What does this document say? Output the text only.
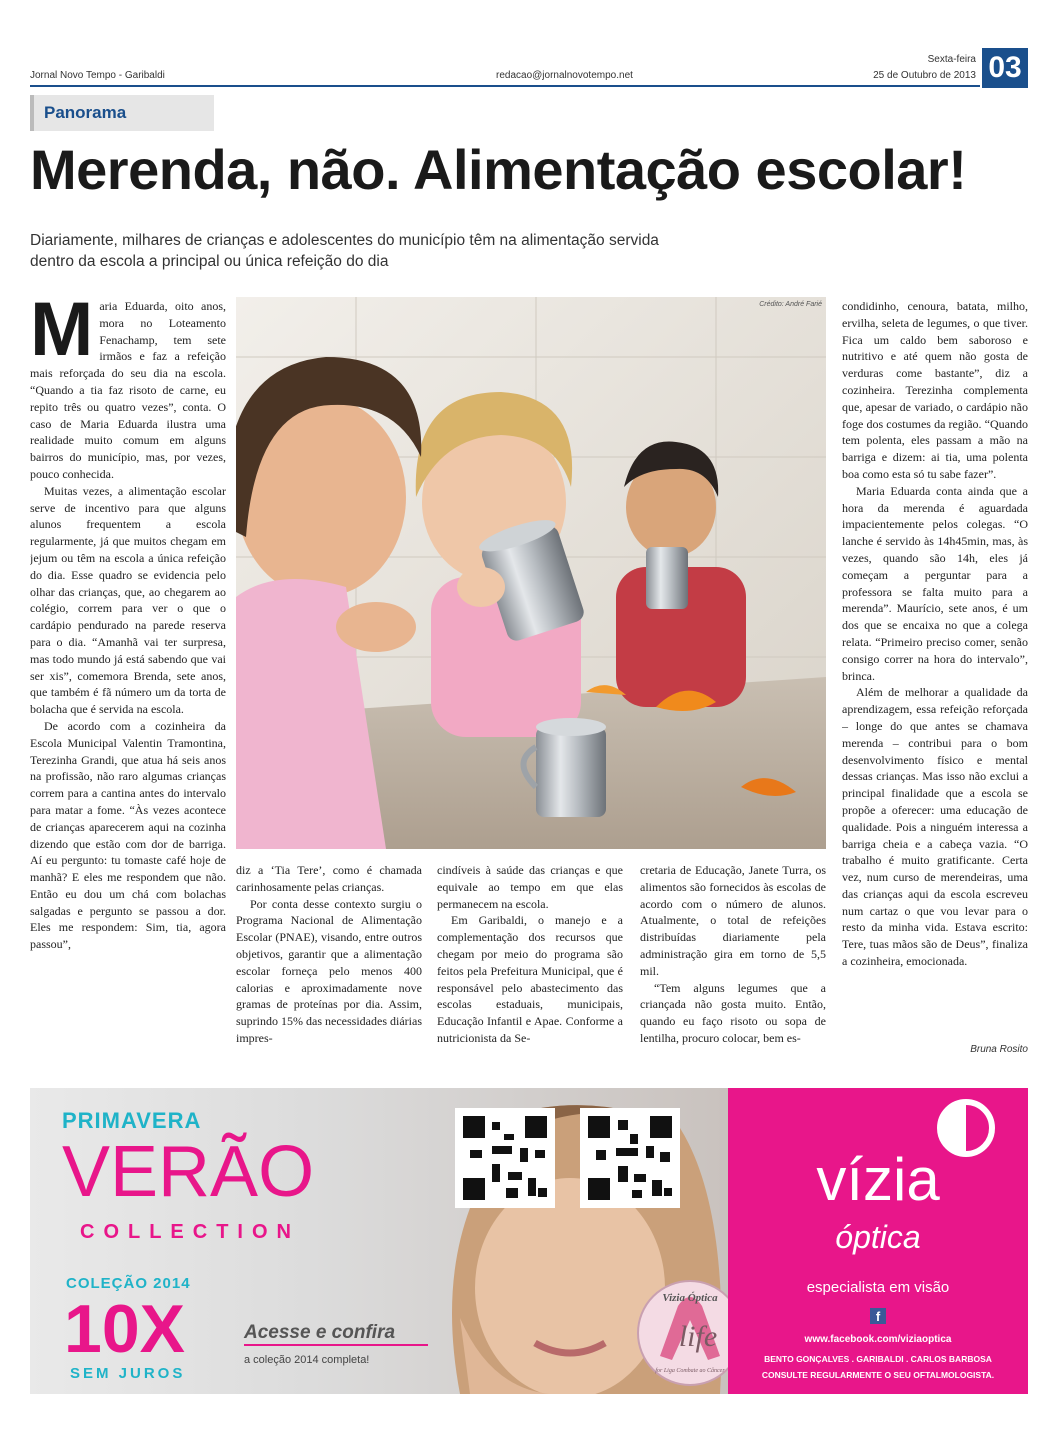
Jornal Novo Tempo - Garibaldi	redacao@jornalnovotempo.net
Sexta-feira
25 de Outubro de 2013 03
Panorama
Merenda, não. Alimentação escolar!
Diariamente, milhares de crianças e adolescentes do município têm na alimentação servida dentro da escola a principal ou única refeição do dia
Crédito: André Farié

Maria Eduarda, oito anos, mora no Loteamento Fenachamp, tem sete irmãos e faz a refeição mais reforçada do seu dia na escola. “Quando a tia faz risoto de carne, eu repito três ou quatro vezes”, conta. O caso de Maria Eduarda ilustra uma realidade muito comum em alguns bairros do município, mas, por vezes, pouco conhecida.

Muitas vezes, a alimentação escolar serve de incentivo para que alguns alunos frequentem a escola regularmente, já que muitos chegam em jejum ou têm na escola a única refeição do dia. Esse quadro se evidencia pelo olhar das crianças, que, ao chegarem ao colégio, correm para ver o que o cardápio pendurado na parede reserva para o dia. “Amanhã vai ter surpresa, mas todo mundo já está sabendo que vai ser xis”, comemora Brenda, sete anos, que também é fã número um da torta de bolacha que é servida na escola.

De acordo com a cozinheira da Escola Municipal Valentin Tramontina, Terezinha Grandi, que atua há seis anos na profissão, não raro algumas crianças correm para a cantina antes do intervalo para matar a fome. “Às vezes acontece de crianças aparecerem aqui na cozinha dizendo que estão com dor de barriga. Aí eu pergunto: tu tomaste café hoje de manhã? E eles me respondem que não. Então eu dou um chá com bolachas salgadas e pergunto se passou a dor. Eles me respondem: Sim, tia, agora passou”,

diz a ‘Tia Tere’, como é chamada carinhosamente pelas crianças.

Por conta desse contexto surgiu o Programa Nacional de Alimentação Escolar (PNAE), visando, entre outros objetivos, garantir que a alimentação escolar forneça pelo menos 400 calorias e aproximadamente nove gramas de proteínas por dia. Assim, suprindo 15% das necessidades diárias impres-

cindíveis à saúde das crianças e que equivale ao tempo em que elas permanecem na escola.

Em Garibaldi, o manejo e a complementação dos recursos que chegam por meio do programa são feitos pela Prefeitura Municipal, que é responsável pelo abastecimento das escolas estaduais, municipais, Educação Infantil e Apae. Conforme a nutricionista da Se-

cretaria de Educação, Janete Turra, os alimentos são fornecidos às escolas de acordo com o número de alunos. Atualmente, o total de refeições distribuídas diariamente pela administração gira em torno de 5,5 mil.

“Tem alguns legumes que a criançada não gosta muito. Então, quando eu faço risoto ou sopa de lentilha, procuro colocar, bem es-

condidinho, cenoura, batata, milho, ervilha, seleta de legumes, o que tiver. Fica um caldo bem saboroso e nutritivo e até quem não gosta de verduras come bastante”, diz a cozinheira. Terezinha complementa que, apesar de variado, o cardápio não foge dos costumes da região. “Quando tem polenta, eles passam a mão na barriga e dizem: ai tia, uma polenta boa como esta só tu sabe fazer”.

Maria Eduarda conta ainda que a hora da merenda é aguardada impacientemente pelos colegas. “O lanche é servido às 14h45min, mas, às vezes, quando são 14h, eles já começam a perguntar para a professora se falta muito para a merenda”. Maurício, sete anos, é um dos que se encaixa no que a colega relata. “Primeiro preciso comer, senão consigo correr na hora do intervalo”, brinca.

Além de melhorar a qualidade da aprendizagem, essa refeição reforçada – longe do que antes se chamava merenda – contribui para o bom desenvolvimento físico e mental dessas crianças. Mas isso não exclui a principal finalidade que a escola se propõe a oferecer: uma educação de qualidade. Pois a ninguém interessa a barriga cheia e a cabeça vazia. “O trabalho é muito gratificante. Certa vez, num curso de merendeiras, uma das crianças aqui da escola escreveu num cartaz o que vou levar para o resto da minha vida. Estava escrito: Tere, tuas mãos são de Deus”, finaliza a cozinheira, emocionada.

Bruna Rosito
Vizia Óptica
life
for Liga Combate ao Câncer
PRIMAVERA
VERÃO
COLLECTION
COLEÇÃO 2014
10X
SEM JUROS
Acesse e confira
a coleção 2014 completa!
vízia
óptica
especialista em visão
f
www.facebook.com/viziaoptica
BENTO GONÇALVES . GARIBALDI . CARLOS BARBOSA
CONSULTE REGULARMENTE O SEU OFTALMOLOGISTA.
